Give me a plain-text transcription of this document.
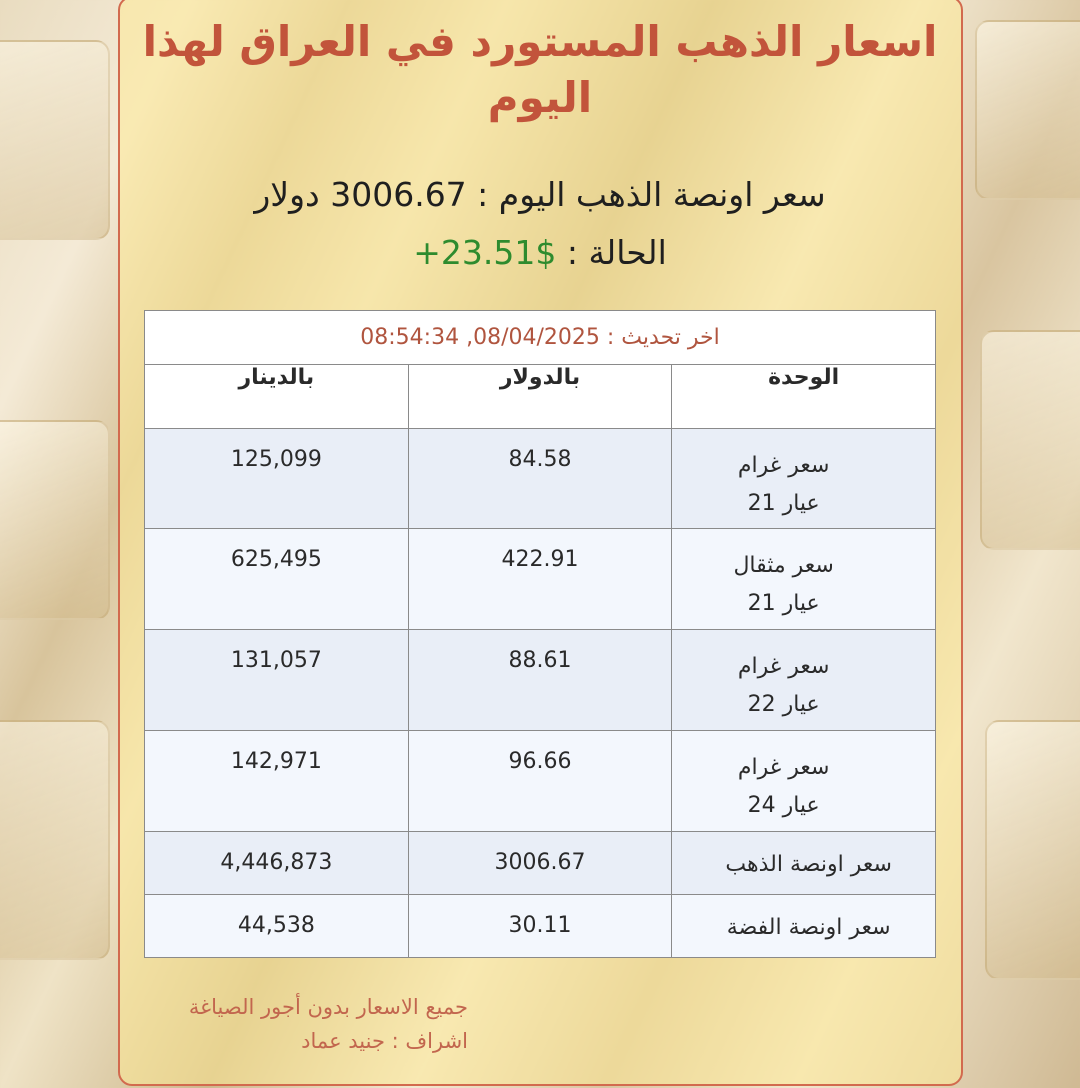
اسعار الذهب المستورد في العراق لهذا اليوم
سعر اونصة الذهب اليوم : 3006.67 دولار
الحالة : +23.51$
اخر تحديث : 08/04/2025, 08:54:34		
الوحدة	بالدولار	بالدينار
سعر غرام
عيار 21	84.58	125,099
سعر مثقال
عيار 21	422.91	625,495
سعر غرام
عيار 22	88.61	131,057
سعر غرام
عيار 24	96.66	142,971
سعر اونصة الذهب	3006.67	4,446,873
سعر اونصة الفضة	30.11	44,538
جميع الاسعار بدون أجور الصياغة
اشراف : جنيد عماد
